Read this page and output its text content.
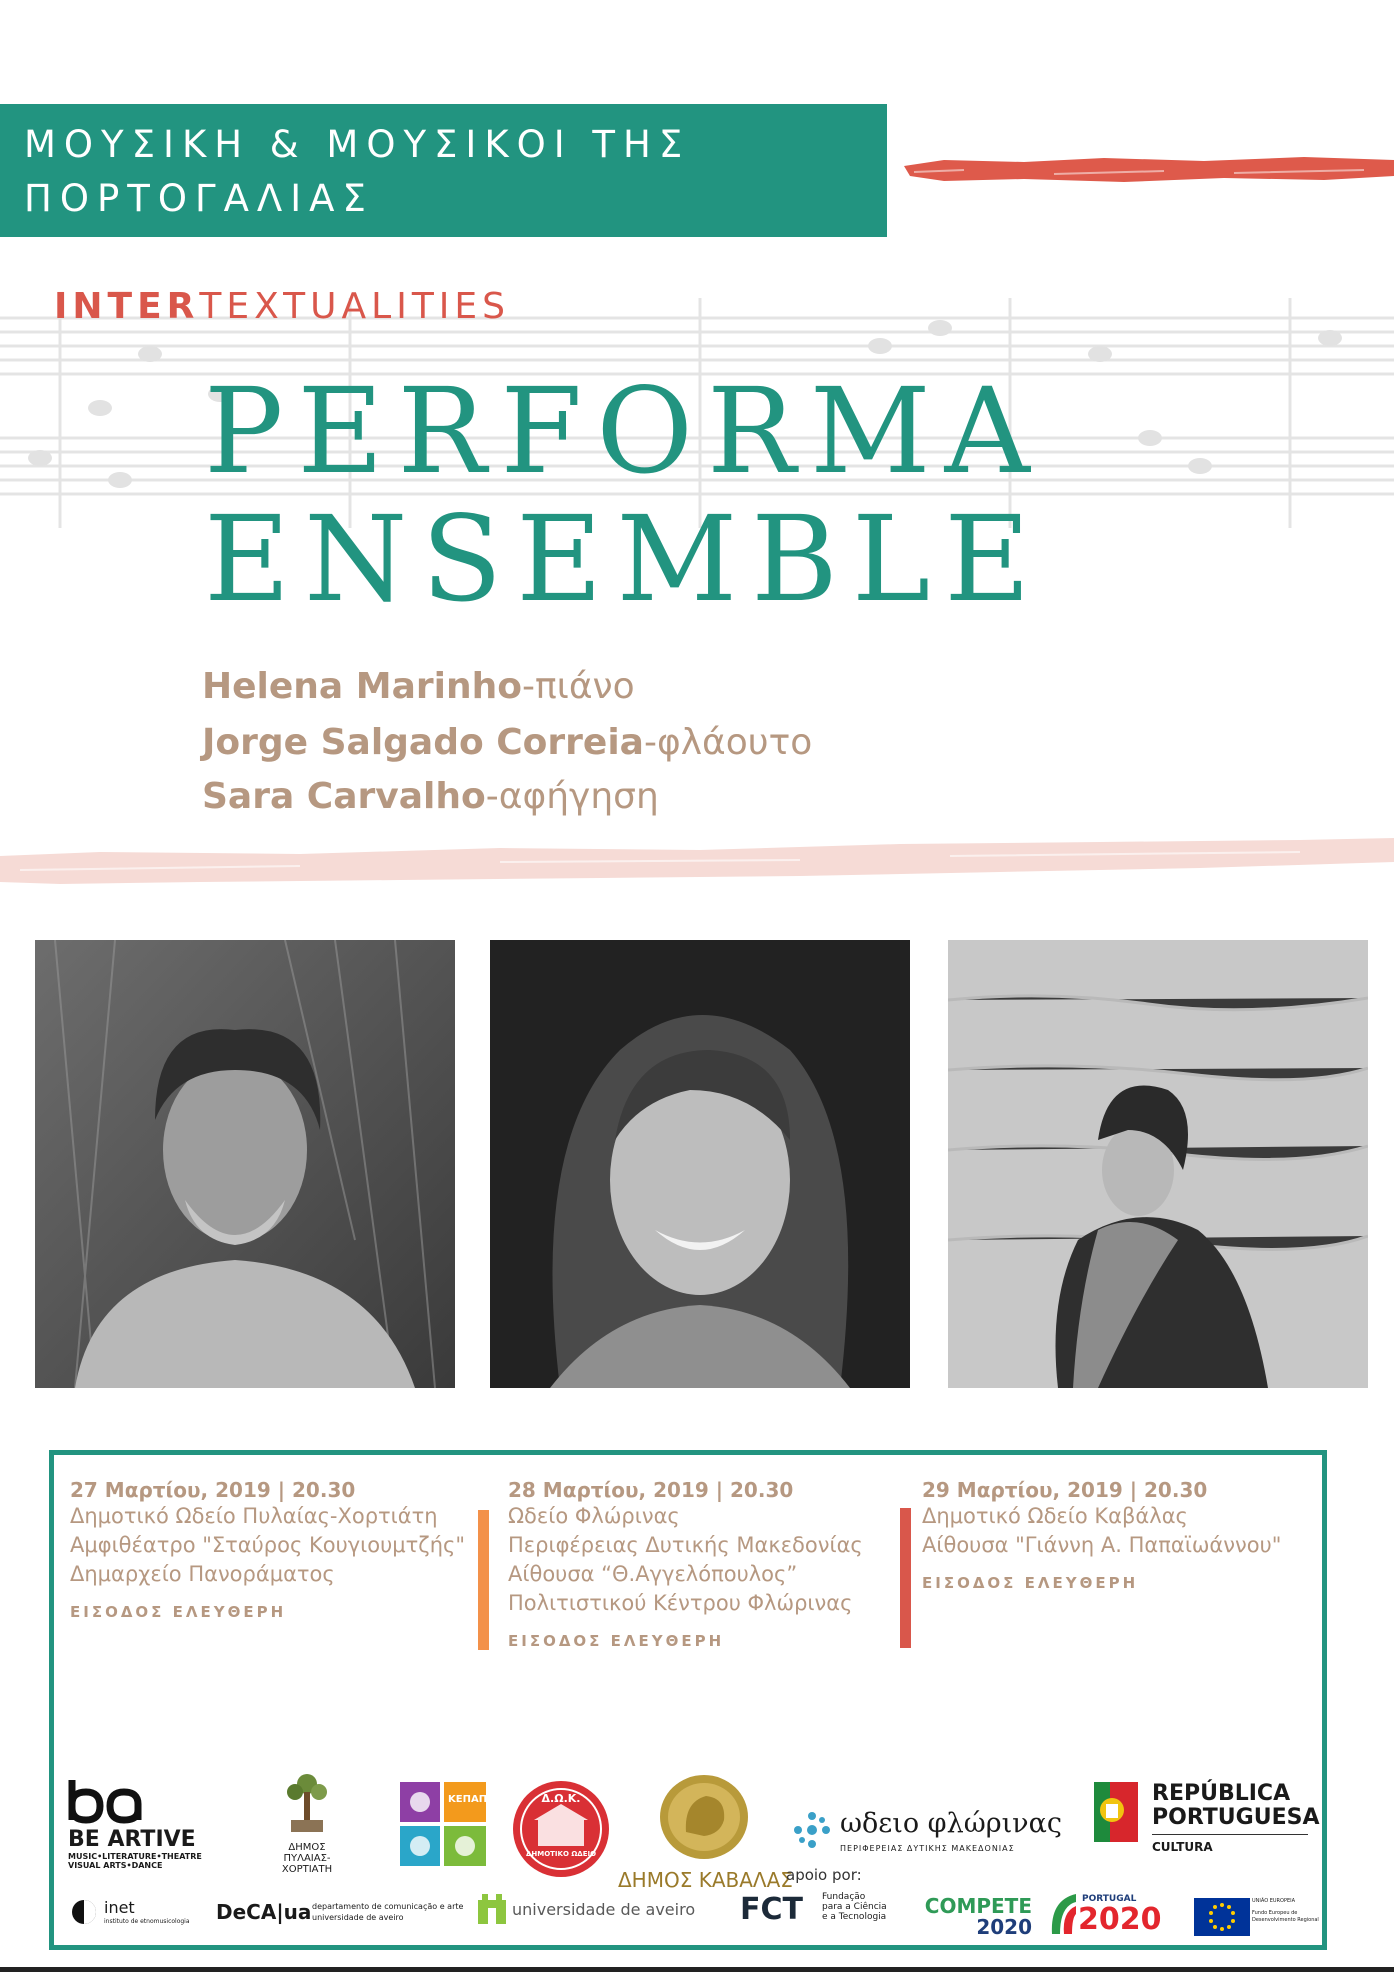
ΜΟΥΣΙΚΗ & ΜΟΥΣΙΚΟΙ ΤΗΣ
ΠΟΡΤΟΓΑΛΙΑΣ
INTERTEXTUALITIES
PERFORMA
ENSEMBLE
Helena Marinho-πιάνο
Jorge Salgado Correia-φλάουτο
Sara Carvalho-αφήγηση
27 Μαρτίου, 2019 | 20.30
Δημοτικό Ωδείο Πυλαίας-Χορτιάτη
Αμφιθέατρο "Σταύρος Κουγιουμτζής"
Δημαρχείο Πανοράματος
ΕΙΣΟΔΟΣ ΕΛΕΥΘΕΡΗ
28 Μαρτίου, 2019 | 20.30
Ωδείο Φλώρινας
Περιφέρειας Δυτικής Μακεδονίας
Αίθουσα “Θ.Αγγελόπουλος”
Πολιτιστικού Κέντρου Φλώρινας
ΕΙΣΟΔΟΣ ΕΛΕΥΘΕΡΗ
29 Μαρτίου, 2019 | 20.30
Δημοτικό Ωδείο Καβάλας
Αίθουσα "Γιάννη Α. Παπαϊωάννου"
ΕΙΣΟΔΟΣ ΕΛΕΥΘΕΡΗ
BE ARTIVE
MUSIC•LITERATURE•THEATRE
VISUAL ARTS•DANCE
ΔΗΜΟΣ
ΠΥΛΑΙΑΣ-ΧΟΡΤΙΑΤΗ
ΚΕΠΑΠ	Δ.Ω.Κ.
ΔΗΜΟΤΙΚΟ ΩΔΕΙΟ
ΔΗΜΟΣ ΚΑΒΑΛΑΣ
ωδειο φλώρινας
ΠΕΡΙΦΕΡΕΙΑΣ ΔΥΤΙΚΗΣ ΜΑΚΕΔΟΝΙΑΣ
REPÚBLICA
PORTUGUESA
CULTURA
inet
instituto de etnomusicologia DeCA|ua departamento de comunicação e arte
universidade de aveiro	universidade de aveiro
apoio por:
FCT Fundação
para a Ciência
e a Tecnologia	COMPETE
2020
PORTUGAL
2020
UNIÃO EUROPEIA
Fundo Europeu de
Desenvolvimento Regional
